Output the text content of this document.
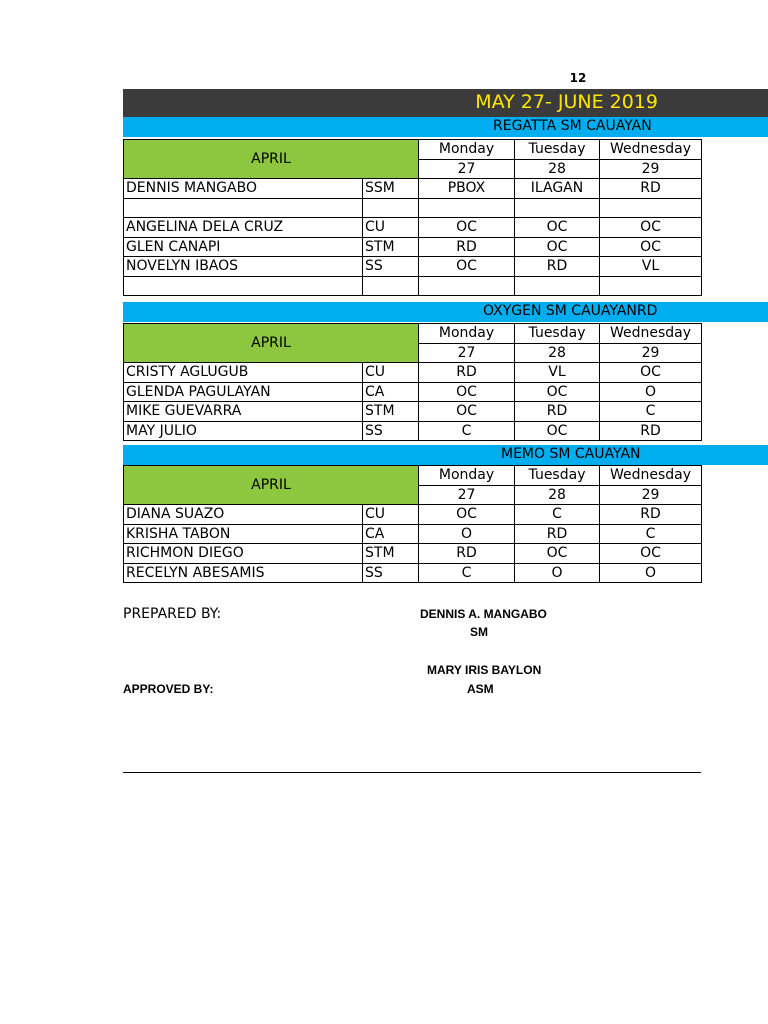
12
MAY 27- JUNE 2019
REGATTA SM CAUAYAN
APRIL		Monday	Tuesday	Wednesday
		27	28	29
DENNIS MANGABO	SSM	PBOX	ILAGAN	RD

ANGELINA DELA CRUZ	CU	OC	OC	OC
GLEN CANAPI	STM	RD	OC	OC
NOVELYN IBAOS	SS	OC	RD	VL

OXYGEN SM CAUAYANRD
APRIL		Monday	Tuesday	Wednesday
		27	28	29
CRISTY AGLUGUB	CU	RD	VL	OC
GLENDA PAGULAYAN	CA	OC	OC	O
MIKE GUEVARRA	STM	OC	RD	C
MAY JULIO	SS	C	OC	RD
MEMO SM CAUAYAN
APRIL		Monday	Tuesday	Wednesday
		27	28	29
DIANA SUAZO	CU	OC	C	RD
KRISHA TABON	CA	O	RD	C
RICHMON DIEGO	STM	RD	OC	OC
RECELYN ABESAMIS	SS	C	O	O
PREPARED BY:	DENNIS A. MANGABO
SM
MARY IRIS BAYLON
APPROVED BY:	ASM
